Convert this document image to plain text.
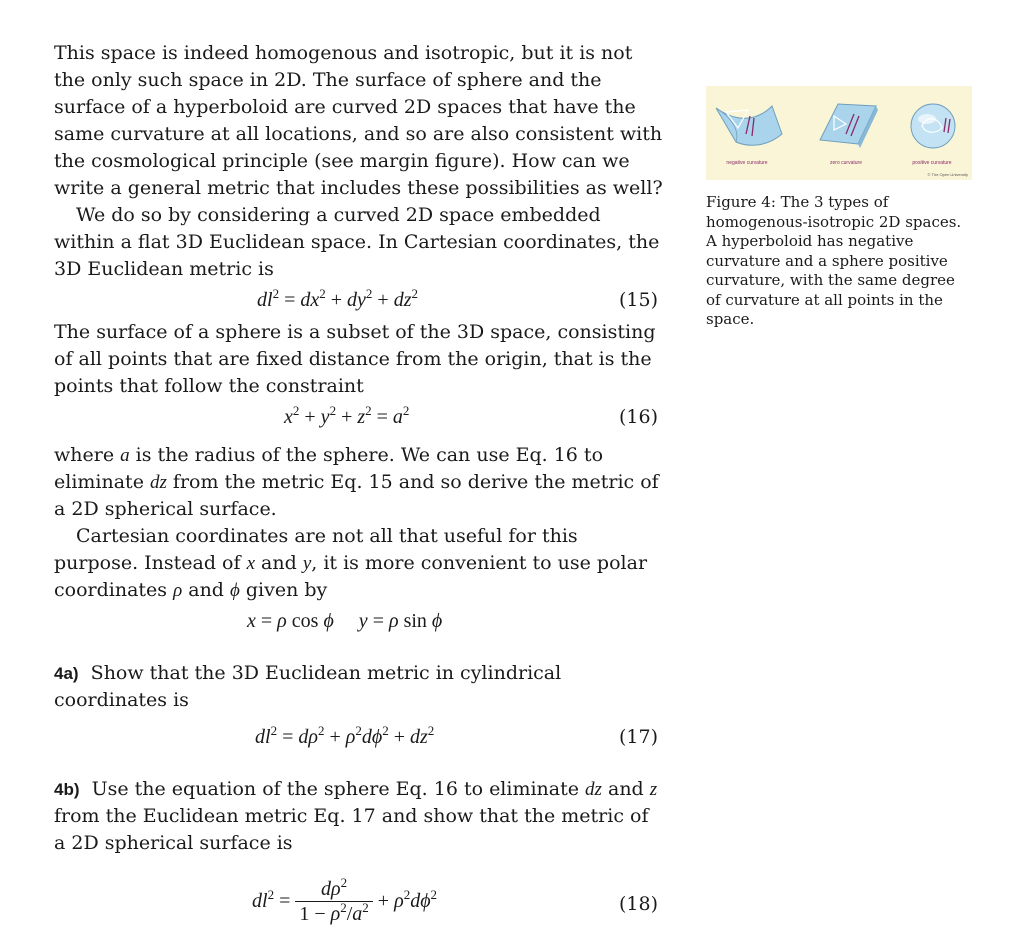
This space is indeed homogenous and isotropic, but it is not the only such space in 2D. The surface of sphere and the surface of a hyperboloid are curved 2D spaces that have the same curvature at all locations, and so are also consistent with the cosmological principle (see margin figure). How can we write a general metric that includes these possibilities as well?

We do so by considering a curved 2D space embedded within a flat 3D Euclidean space. In Cartesian coordinates, the 3D Euclidean metric is

$dl^2 = dx^2 + dy^2 + dz^2$	(15)

The surface of a sphere is a subset of the 3D space, consisting of all points that are fixed distance from the origin, that is the points that follow the constraint

$x^2 + y^2 + z^2 = a^2$	(16)

where a is the radius of the sphere. We can use Eq. 16 to eliminate dz from the metric Eq. 15 and so derive the metric of a 2D spherical surface.

Cartesian coordinates are not all that useful for this purpose. Instead of x and y, it is more convenient to use polar coordinates ρ and ϕ given by

x = ρ cos ϕ     y = ρ sin ϕ

4a) Show that the 3D Euclidean metric in cylindrical coordinates is

$dl^2 = d\rho^2 + \rho^2d\phi^2 + dz^2$	(17)

4b) Use the equation of the sphere Eq. 16 to eliminate dz and z from the Euclidean metric Eq. 17 and show that the metric of a 2D spherical surface is

$dl^2 = \frac{d\rho^2}{1 - \rho^2/a^2} + \rho^2d\phi^2$	(18)
negative curvature	zero curvature	positive curvature
© The Open University

Figure 4: The 3 types of homogenous-isotropic 2D spaces. A hyperboloid has negative curvature and a sphere positive curvature, with the same degree of curvature at all points in the space.
